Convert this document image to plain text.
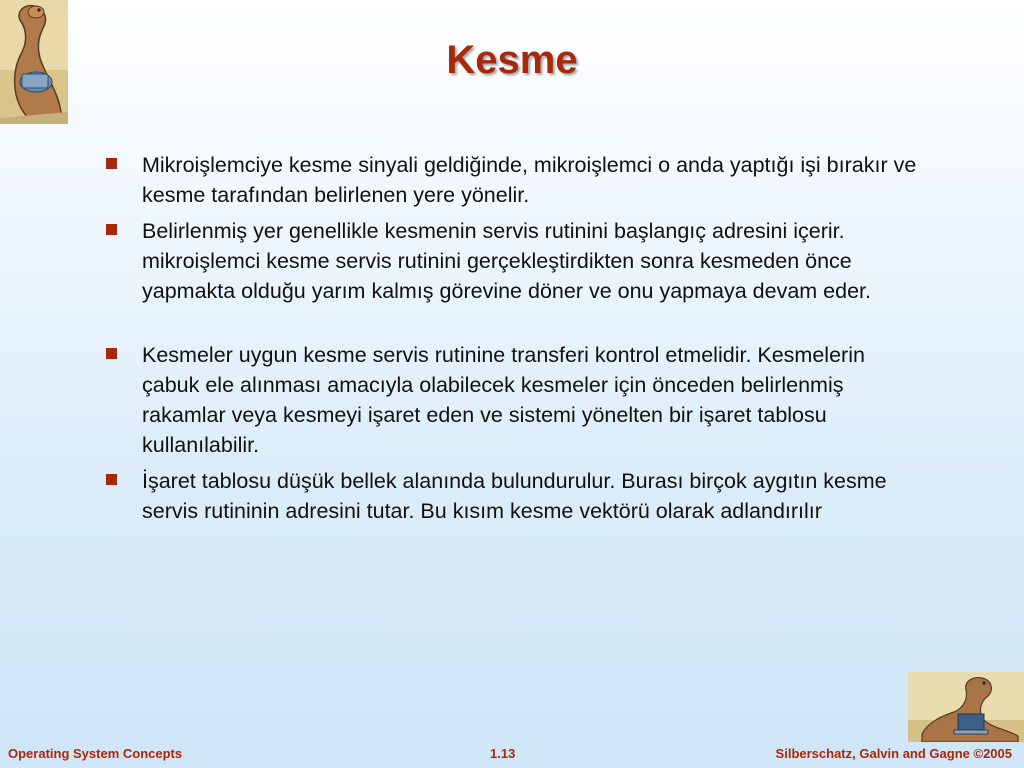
Kesme
Mikroişlemciye kesme sinyali geldiğinde, mikroişlemci o anda yaptığı işi bırakır ve kesme tarafından belirlenen yere yönelir.
Belirlenmiş yer genellikle kesmenin servis rutinini başlangıç adresini içerir. mikroişlemci kesme servis rutinini gerçekleştirdikten sonra kesmeden önce yapmakta olduğu yarım kalmış görevine döner ve onu yapmaya devam eder.
Kesmeler uygun kesme servis rutinine transferi kontrol etmelidir. Kesmelerin çabuk ele alınması amacıyla olabilecek kesmeler için önceden belirlenmiş rakamlar veya kesmeyi işaret eden ve sistemi yönelten bir işaret tablosu kullanılabilir.
İşaret tablosu düşük bellek alanında bulundurulur. Burası birçok aygıtın kesme servis rutininin adresini tutar. Bu kısım kesme vektörü olarak adlandırılır
Operating System Concepts	1.13	Silberschatz, Galvin and Gagne ©2005
